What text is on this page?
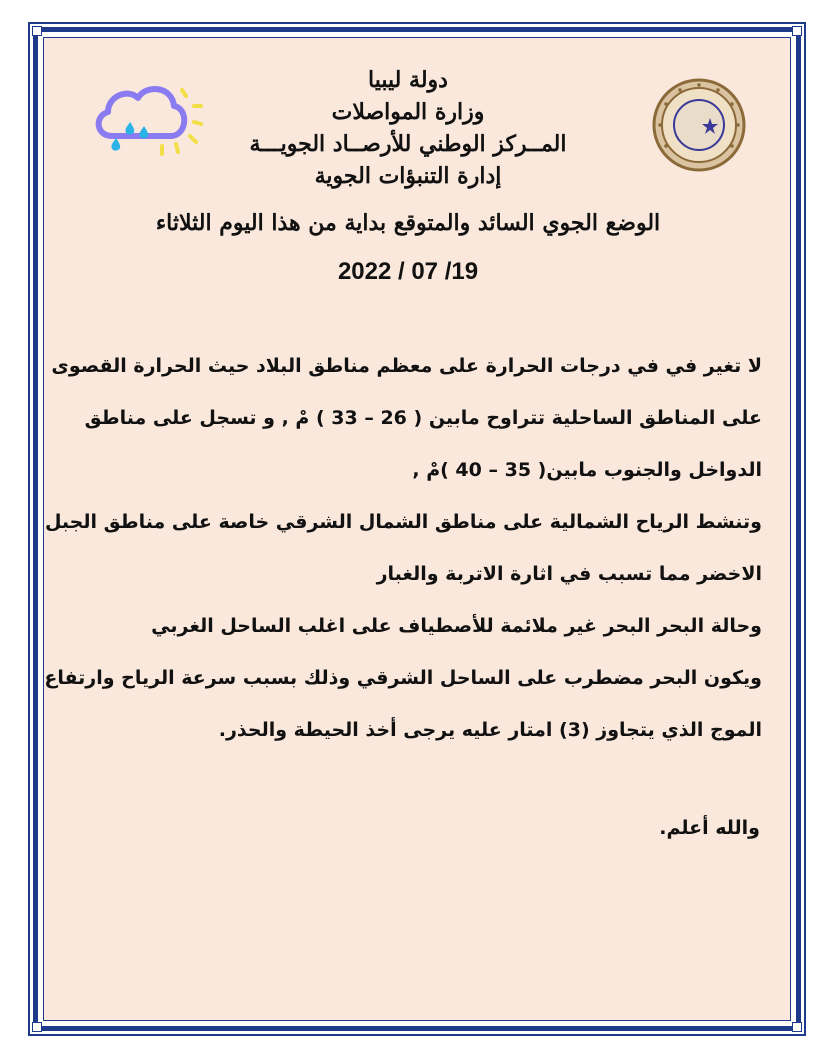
دولة ليبيا
وزارة المواصلات
المــركز الوطني للأرصــاد الجويـــة
إدارة التنبؤات الجوية
الوضع الجوي السائد والمتوقع بداية من هذا اليوم الثلاثاء
2022 / 07 /19
لا تغير في في درجات الحرارة على معظم مناطق البلاد حيث الحرارة القصوى
على المناطق الساحلية تتراوح مابين ( 26 – 33 ) مْ , و تسجل على مناطق
الدواخل والجنوب مابين( 35 – 40 )مْ ,
وتنشط الرياح الشمالية على مناطق الشمال الشرقي خاصة على مناطق الجبل
الاخضر مما تسبب في اثارة الاتربة والغبار
وحالة البحر البحر غير ملائمة للأصطياف على اغلب الساحل الغربي
ويكون البحر مضطرب على الساحل الشرقي وذلك بسبب سرعة الرياح وارتفاع
الموج الذي يتجاوز (3) امتار عليه يرجى أخذ الحيطة والحذر.
والله أعلم.
